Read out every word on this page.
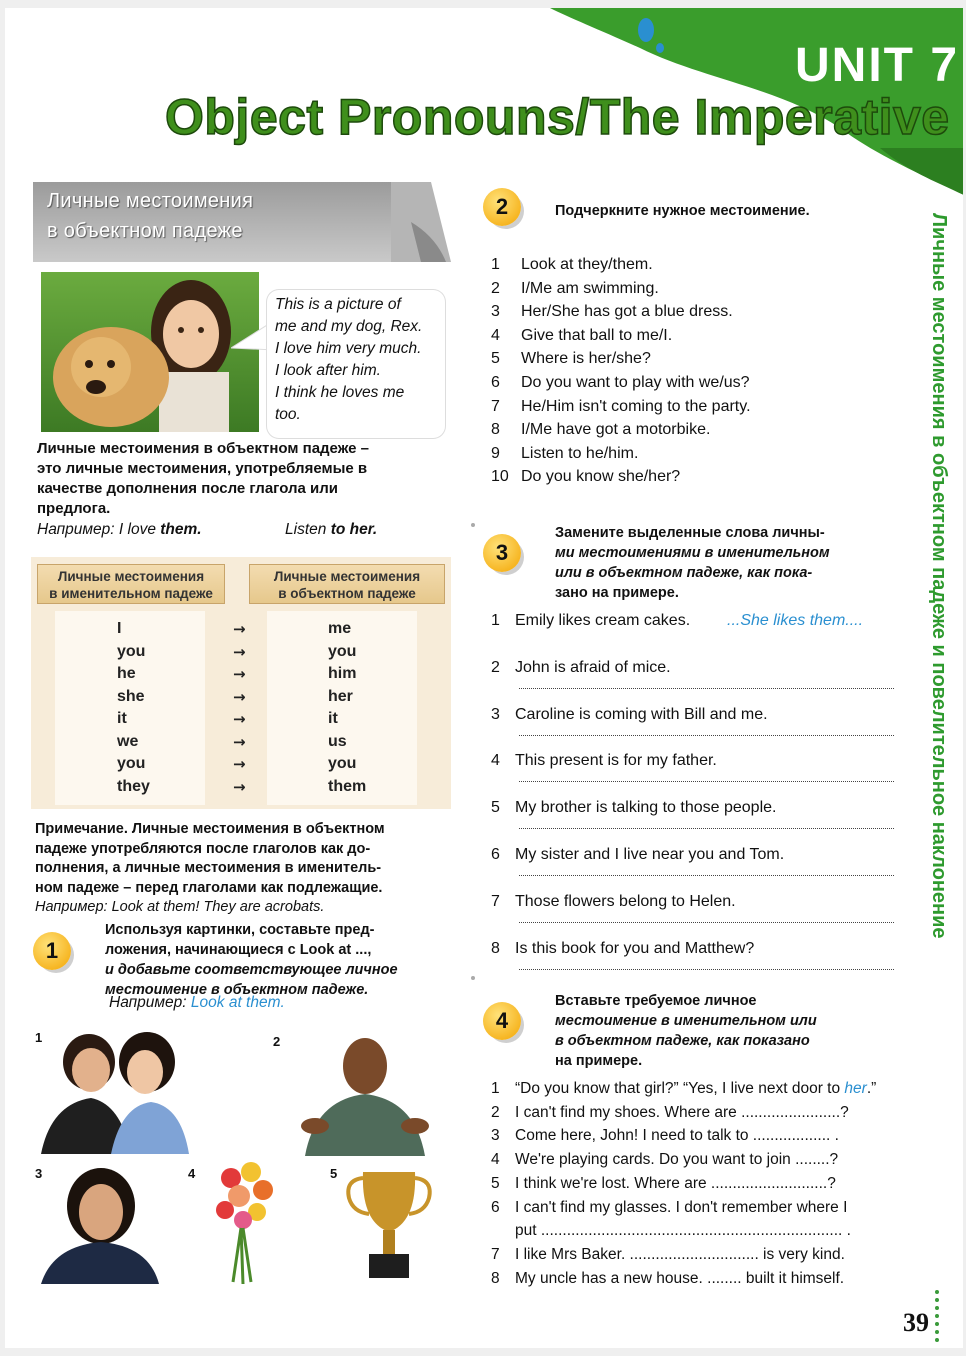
UNIT 7
Object Pronouns/The Imperative
Личные местоимения в объектном падеже и повелительное наклонение
Личные местоимения
в объектном падеже

This is a picture of

me and my dog, Rex.

I love him very much.

I look after him.

I think he loves me

too.

Личные местоимения в объектном падеже –
это личные местоимения, употребляемые в
качестве дополнения после глагола или
предлога.
Например: I love them.	Listen to her.
Личные местоимения
в именительном падеже
Личные местоимения
в объектном падеже
Примечание. Личные местоимения в объектном
падеже употребляются после глаголов как до-
полнения, а личные местоимения в именитель-
ном падеже – перед глаголами как подлежащие.
Например: Look at them! They are acrobats.
1
Используя картинки, составьте пред-
ложения, начинающиеся с Look at ...,
и добавьте соответствующее личное
местоимение в объектном падеже.
Например: Look at them.
1	2
3	4	5
2	Подчеркните нужное местоимение.
3
Замените выделенные слова личны-
ми местоимениями в именительном
или в объектном падеже, как пока-
зано на примере.
4
Вставьте требуемое личное
местоимение в именительном или
в объектном падеже, как показано
на примере.
39
I	→	me
you	→	you
he	→	him
she	→	her
it	→	it
we	→	us
you	→	you
they	→	them
1	Look at they/them.
2	I/Me am swimming.
3	Her/She has got a blue dress.
4	Give that ball to me/I.
5	Where is her/she?
6	Do you want to play with we/us?
7	He/Him isn't coming to the party.
8	I/Me have got a motorbike.
9	Listen to he/him.
10 Do you know she/her?
1 Emily likes cream cakes. ...She likes them....
2 John is afraid of mice.
3 Caroline is coming with Bill and me.
4 This present is for my father.
5 My brother is talking to those people.
6 My sister and I live near you and Tom.
7 Those flowers belong to Helen.
8 Is this book for you and Matthew?
1 “Do you know that girl?” “Yes, I live next door to her.”
2 I can't find my shoes. Where are .......................?
3 Come here, John! I need to talk to .................. .
4 We're playing cards. Do you want to join ........?
5 I think we're lost. Where are ...........................?
6 I can't find my glasses. I don't remember where I
put ...................................................................... .
7 I like Mrs Baker. .............................. is very kind.
8 My uncle has a new house. ........ built it himself.
